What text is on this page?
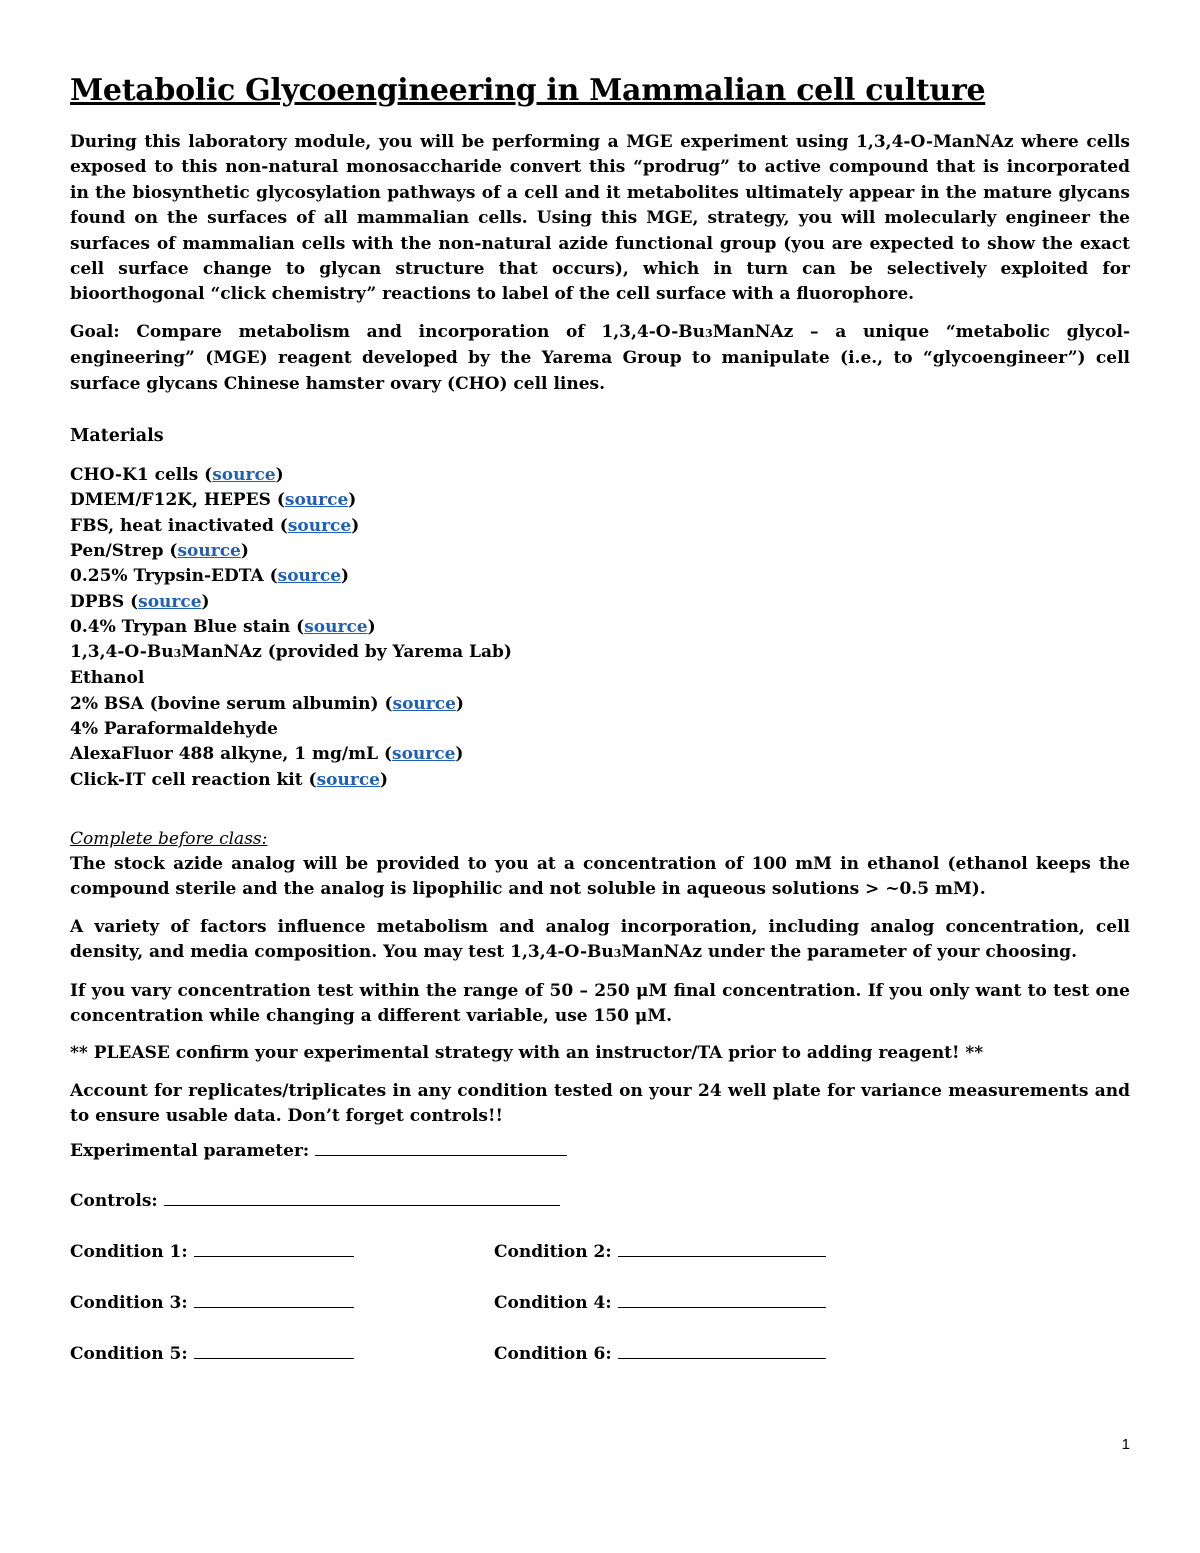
Metabolic Glycoengineering in Mammalian cell culture

During this laboratory module, you will be performing a MGE experiment using 1,3,4-O-ManNAz where cells exposed to this non-natural monosaccharide convert this “prodrug” to active compound that is incorporated in the biosynthetic glycosylation pathways of a cell and it metabolites ultimately appear in the mature glycans found on the surfaces of all mammalian cells. Using this MGE, strategy, you will molecularly engineer the surfaces of mammalian cells with the non-natural azide functional group (you are expected to show the exact cell surface change to glycan structure that occurs), which in turn can be selectively exploited for bioorthogonal “click chemistry” reactions to label of the cell surface with a fluorophore.

Goal: Compare metabolism and incorporation of 1,3,4-O-Bu3ManNAz – a unique “metabolic glycol-engineering” (MGE) reagent developed by the Yarema Group to manipulate (i.e., to “glycoengineer”) cell surface glycans Chinese hamster ovary (CHO) cell lines.

Materials
CHO-K1 cells (source)
DMEM/F12K, HEPES (source)
FBS, heat inactivated (source)
Pen/Strep (source)
0.25% Trypsin-EDTA (source)
DPBS (source)
0.4% Trypan Blue stain (source)
1,3,4-O-Bu3ManNAz (provided by Yarema Lab)
Ethanol
2% BSA (bovine serum albumin) (source)
4% Paraformaldehyde
AlexaFluor 488 alkyne, 1 mg/mL (source)
Click-IT cell reaction kit (source)
Complete before class:

The stock azide analog will be provided to you at a concentration of 100 mM in ethanol (ethanol keeps the compound sterile and the analog is lipophilic and not soluble in aqueous solutions > ~0.5 mM).

A variety of factors influence metabolism and analog incorporation, including analog concentration, cell density, and media composition. You may test 1,3,4-O-Bu3ManNAz under the parameter of your choosing.

If you vary concentration test within the range of 50 – 250 μM final concentration. If you only want to test one concentration while changing a different variable, use 150 μM.

** PLEASE confirm your experimental strategy with an instructor/TA prior to adding reagent! **

Account for replicates/triplicates in any condition tested on your 24 well plate for variance measurements and to ensure usable data. Don’t forget controls!!

Experimental parameter:
Controls:
Condition 1:	Condition 2:
Condition 3:	Condition 4:
Condition 5:	Condition 6:
1
